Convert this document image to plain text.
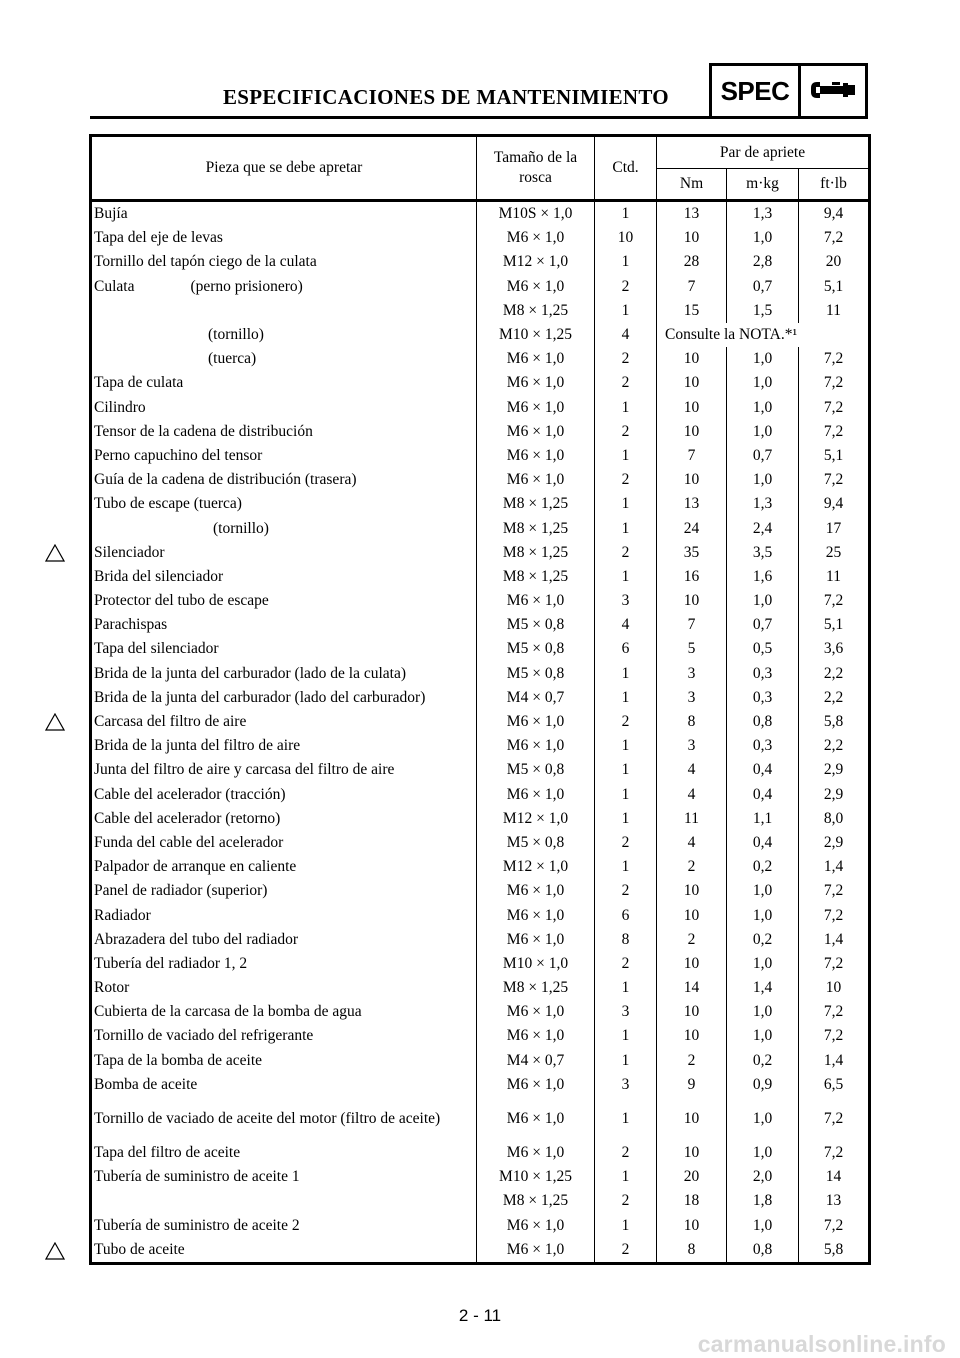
ESPECIFICACIONES DE MANTENIMIENTO	SPEC
Pieza que se debe apretar	Tamaño de la rosca	Ctd.	Par de apriete		
			Nm	m·kg	ft·lb
Bujía	M10S × 1,0	1	13	1,3	9,4
Tapa del eje de levas	M6 × 1,0	10	10	1,0	7,2
Tornillo del tapón ciego de la culata	M12 × 1,0	1	28	2,8	20
Culata (perno prisionero)	M6 × 1,0	2	7	0,7	5,1
	M8 × 1,25	1	15	1,5	11
(tornillo)	M10 × 1,25	4	Consulte la NOTA.*¹		
(tuerca)	M6 × 1,0	2	10	1,0	7,2
Tapa de culata	M6 × 1,0	2	10	1,0	7,2
Cilindro	M6 × 1,0	1	10	1,0	7,2
Tensor de la cadena de distribución	M6 × 1,0	2	10	1,0	7,2
Perno capuchino del tensor	M6 × 1,0	1	7	0,7	5,1
Guía de la cadena de distribución (trasera)	M6 × 1,0	2	10	1,0	7,2
Tubo de escape (tuerca)	M8 × 1,25	1	13	1,3	9,4
(tornillo)	M8 × 1,25	1	24	2,4	17
Silenciador	M8 × 1,25	2	35	3,5	25
Brida del silenciador	M8 × 1,25	1	16	1,6	11
Protector del tubo de escape	M6 × 1,0	3	10	1,0	7,2
Parachispas	M5 × 0,8	4	7	0,7	5,1
Tapa del silenciador	M5 × 0,8	6	5	0,5	3,6
Brida de la junta del carburador (lado de la culata)	M5 × 0,8	1	3	0,3	2,2
Brida de la junta del carburador (lado del carburador)	M4 × 0,7	1	3	0,3	2,2
Carcasa del filtro de aire	M6 × 1,0	2	8	0,8	5,8
Brida de la junta del filtro de aire	M6 × 1,0	1	3	0,3	2,2
Junta del filtro de aire y carcasa del filtro de aire	M5 × 0,8	1	4	0,4	2,9
Cable del acelerador (tracción)	M6 × 1,0	1	4	0,4	2,9
Cable del acelerador (retorno)	M12 × 1,0	1	11	1,1	8,0
Funda del cable del acelerador	M5 × 0,8	2	4	0,4	2,9
Palpador de arranque en caliente	M12 × 1,0	1	2	0,2	1,4
Panel de radiador (superior)	M6 × 1,0	2	10	1,0	7,2
Radiador	M6 × 1,0	6	10	1,0	7,2
Abrazadera del tubo del radiador	M6 × 1,0	8	2	0,2	1,4
Tubería del radiador 1, 2	M10 × 1,0	2	10	1,0	7,2
Rotor	M8 × 1,25	1	14	1,4	10
Cubierta de la carcasa de la bomba de agua	M6 × 1,0	3	10	1,0	7,2
Tornillo de vaciado del refrigerante	M6 × 1,0	1	10	1,0	7,2
Tapa de la bomba de aceite	M4 × 0,7	1	2	0,2	1,4
Bomba de aceite	M6 × 1,0	3	9	0,9	6,5
Tornillo de vaciado de aceite del motor (filtro de aceite)	M6 × 1,0	1	10	1,0	7,2
Tapa del filtro de aceite	M6 × 1,0	2	10	1,0	7,2
Tubería de suministro de aceite 1	M10 × 1,25	1	20	2,0	14
	M8 × 1,25	2	18	1,8	13
Tubería de suministro de aceite 2	M6 × 1,0	1	10	1,0	7,2
Tubo de aceite	M6 × 1,0	2	8	0,8	5,8
2 - 11
carmanualsonline.info
